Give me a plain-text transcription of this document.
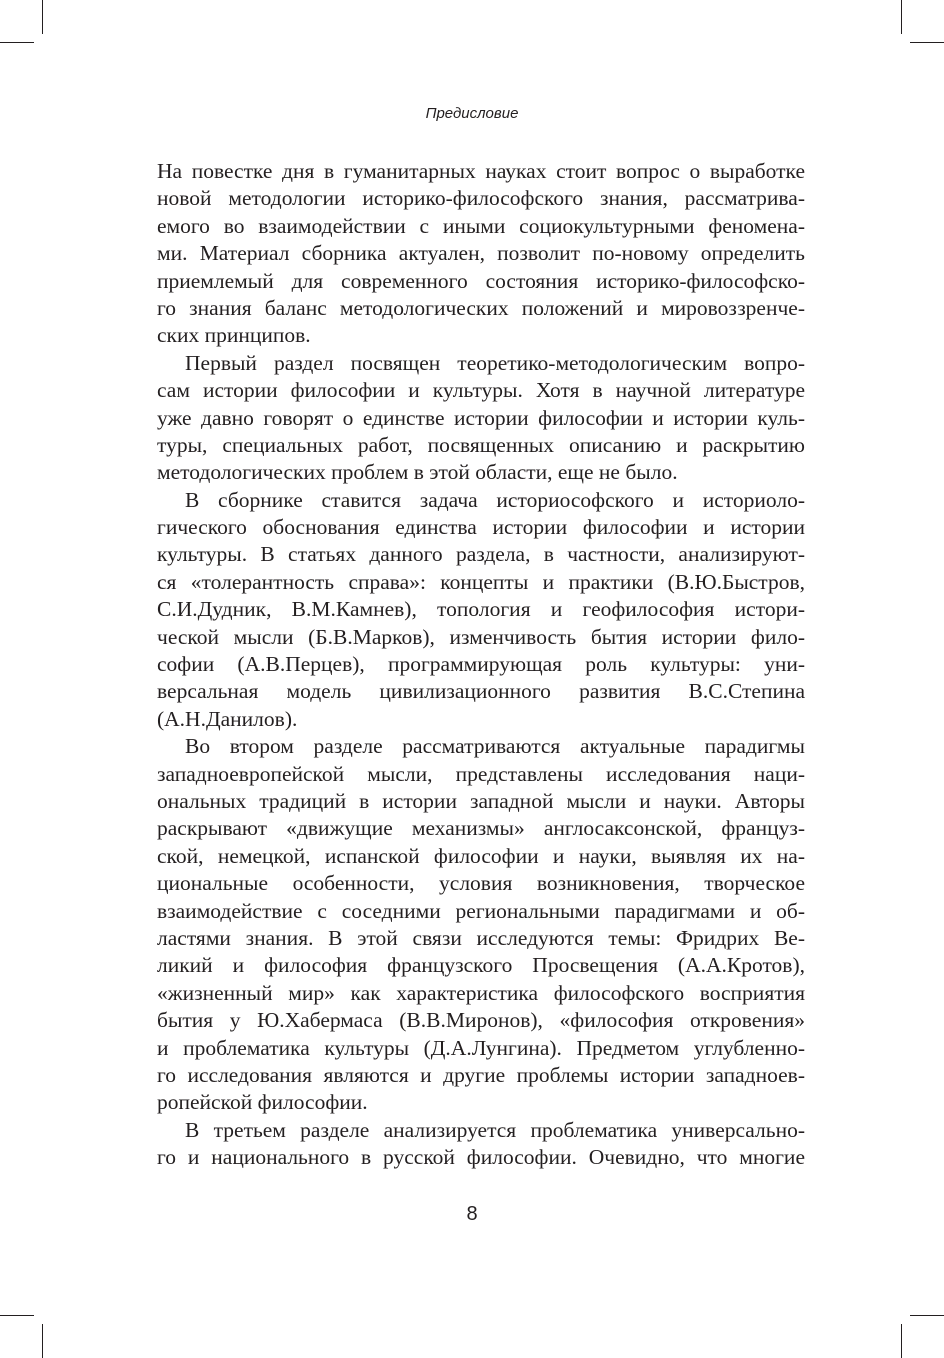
Предисловие
На повестке дня в гуманитарных науках стоит вопрос о выработке
новой методологии историко-философского знания, рассматрива-
емого во взаимодействии с иными социокультурными феномена-
ми. Материал сборника актуален, позволит по-новому определить
приемлемый для современного состояния историко-философско-
го знания баланс методологических положений и мировоззренче-
ских принципов.
Первый раздел посвящен теоретико-методологическим вопро-
сам истории философии и культуры. Хотя в научной литературе
уже давно говорят о единстве истории философии и истории куль-
туры, специальных работ, посвященных описанию и раскрытию
методологических проблем в этой области, еще не было.
В сборнике ставится задача историософского и историоло-
гического обоснования единства истории философии и истории
культуры. В статьях данного раздела, в частности, анализируют-
ся «толерантность справа»: концепты и практики (В.Ю.Быстров,
С.И.Дудник, В.М.Камнев), топология и геофилософия истори-
ческой мысли (Б.В.Марков), изменчивость бытия истории фило-
софии (А.В.Перцев), программирующая роль культуры: уни-
версальная модель цивилизационного развития В.С.Степина
(А.Н.Данилов).
Во втором разделе рассматриваются актуальные парадигмы
западноевропейской мысли, представлены исследования наци-
ональных традиций в истории западной мысли и науки. Авторы
раскрывают «движущие механизмы» англосаксонской, француз-
ской, немецкой, испанской философии и науки, выявляя их на-
циональные особенности, условия возникновения, творческое
взаимодействие с соседними региональными парадигмами и об-
ластями знания. В этой связи исследуются темы: Фридрих Ве-
ликий и философия французского Просвещения (А.А.Кротов),
«жизненный мир» как характеристика философского восприятия
бытия у Ю.Хабермаса (В.В.Миронов), «философия откровения»
и проблематика культуры (Д.А.Лунгина). Предметом углубленно-
го исследования являются и другие проблемы истории западноев-
ропейской философии.
В третьем разделе анализируется проблематика универсально-
го и национального в русской философии. Очевидно, что многие
8
